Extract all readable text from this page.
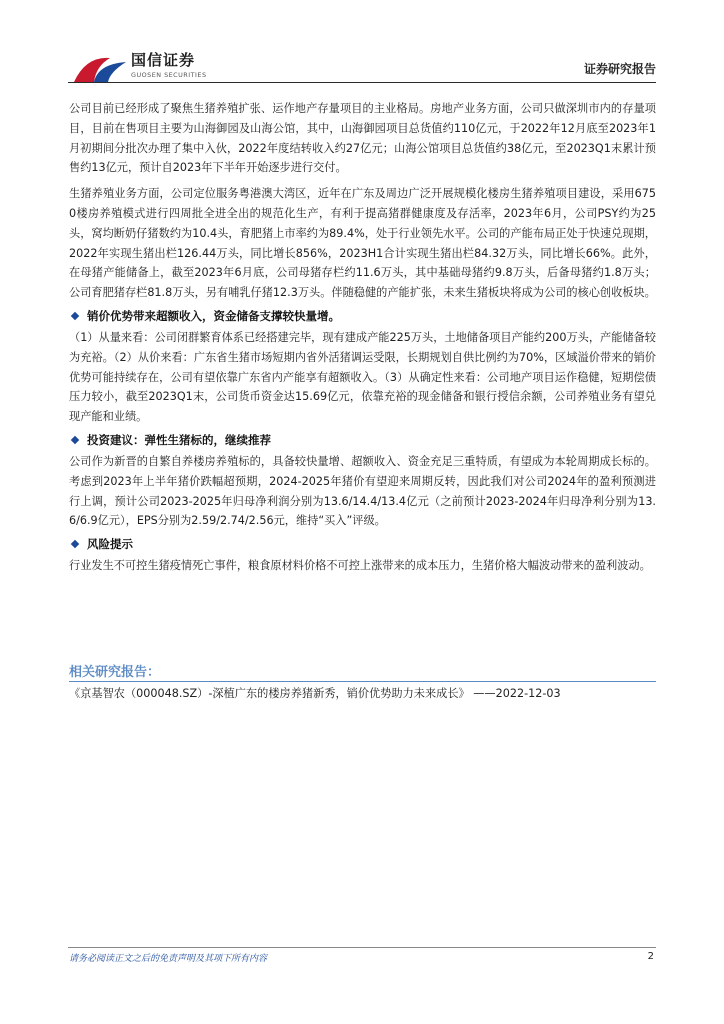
国信证券
GUOSEN SECURITIES	证券研究报告

公司目前已经形成了聚焦生猪养殖扩张、运作地产存量项目的主业格局。房地产业务方面，公司只做深圳市内的存量项目，目前在售项目主要为山海御园及山海公馆，其中，山海御园项目总货值约110亿元，于2022年12月底至2023年1月初期间分批次办理了集中入伙，2022年度结转收入约27亿元；山海公馆项目总货值约38亿元，至2023Q1末累计预售约13亿元，预计自2023年下半年开始逐步进行交付。

生猪养殖业务方面，公司定位服务粤港澳大湾区，近年在广东及周边广泛开展规模化楼房生猪养殖项目建设，采用6750楼房养殖模式进行四周批全进全出的规范化生产，有利于提高猪群健康度及存活率，2023年6月，公司PSY约为25头，窝均断奶仔猪数约为10.4头，育肥猪上市率约为89.4%，处于行业领先水平。公司的产能布局正处于快速兑现期，2022年实现生猪出栏126.44万头，同比增长856%，2023H1合计实现生猪出栏84.32万头，同比增长66%。此外，在母猪产能储备上，截至2023年6月底，公司母猪存栏约11.6万头，其中基础母猪约9.8万头，后备母猪约1.8万头；公司育肥猪存栏81.8万头，另有哺乳仔猪12.3万头。伴随稳健的产能扩张，未来生猪板块将成为公司的核心创收板块。

销价优势带来超额收入，资金储备支撑较快量增。

（1）从量来看：公司闭群繁育体系已经搭建完毕，现有建成产能225万头，土地储备项目产能约200万头，产能储备较为充裕。（2）从价来看：广东省生猪市场短期内省外活猪调运受限，长期规划自供比例约为70%，区域溢价带来的销价优势可能持续存在，公司有望依靠广东省内产能享有超额收入。（3）从确定性来看：公司地产项目运作稳健，短期偿债压力较小，截至2023Q1末，公司货币资金达15.69亿元，依靠充裕的现金储备和银行授信余额，公司养殖业务有望兑现产能和业绩。

投资建议：弹性生猪标的，继续推荐

公司作为新晋的自繁自养楼房养殖标的，具备较快量增、超额收入、资金充足三重特质，有望成为本轮周期成长标的。考虑到2023年上半年猪价跌幅超预期，2024-2025年猪价有望迎来周期反转，因此我们对公司2024年的盈利预测进行上调，预计公司2023-2025年归母净利润分别为13.6/14.4/13.4亿元（之前预计2023-2024年归母净利分别为13.6/6.9亿元），EPS分别为2.59/2.74/2.56元，维持“买入”评级。

风险提示

行业发生不可控生猪疫情死亡事件，粮食原材料价格不可控上涨带来的成本压力，生猪价格大幅波动带来的盈利波动。

相关研究报告：
《京基智农（000048.SZ）-深植广东的楼房养猪新秀，销价优势助力未来成长》 ——2022-12-03
请务必阅读正文之后的免责声明及其项下所有内容	2
